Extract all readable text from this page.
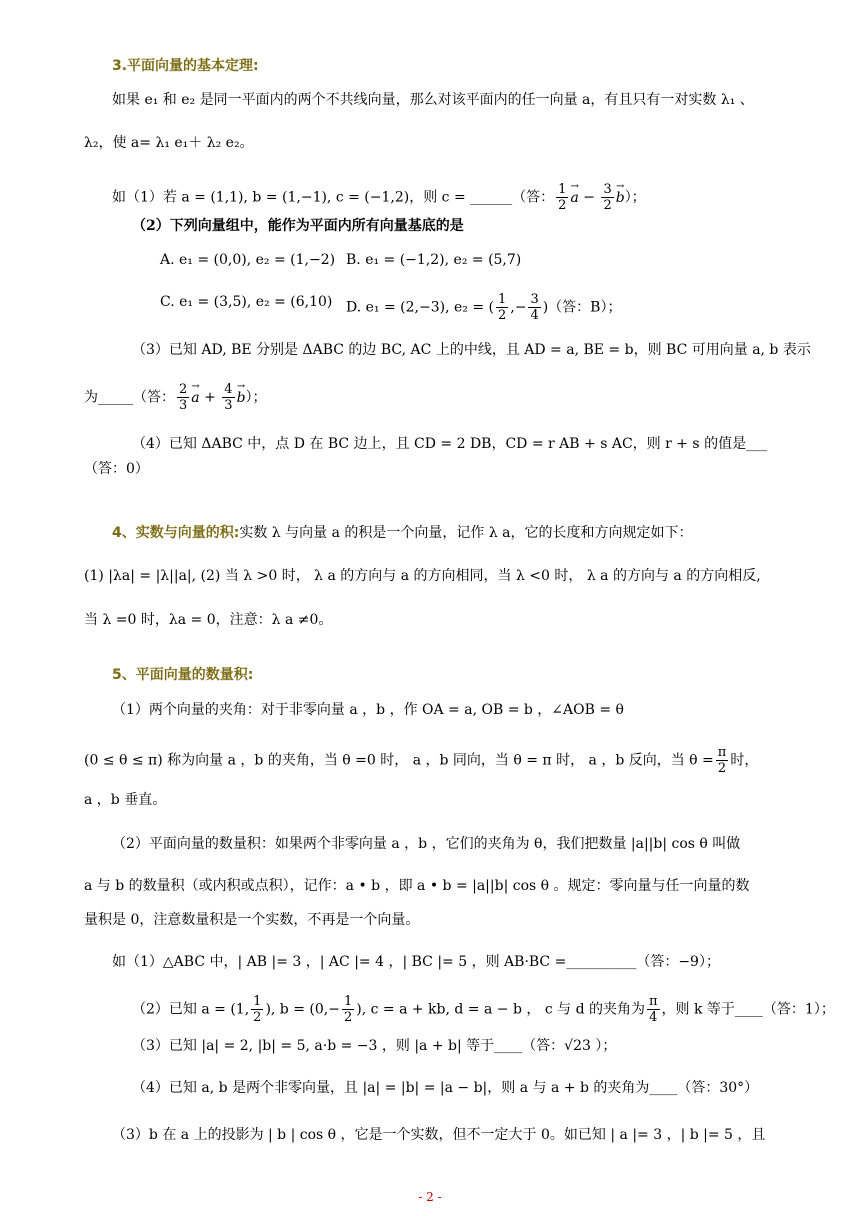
3.平面向量的基本定理:
如果 e₁ 和 e₂ 是同一平面内的两个不共线向量，那么对该平面内的任一向量 a，有且只有一对实数 λ₁ 、
λ₂，使 a= λ₁ e₁＋ λ₂ e₂。
如（1）若 a = (1,1), b = (1,−1), c = (−1,2)，则 c = ______（答： $\frac{1}{2}$
→ $a - \frac{3}{2}$
→ b）；
（2）下列向量组中，能作为平面内所有向量基底的是
A. e₁ = (0,0), e₂ = (1,−2) B. e₁ = (−1,2), e₂ = (5,7)
C. e₁ = (3,5), e₂ = (6,10) D. e₁ = (2,−3), e₂ = ( $\frac{1}{2}$ ,− $\frac{3}{4}$ )（答：B）；
（3）已知 AD, BE 分别是 ΔABC 的边 BC, AC 上的中线，且 AD = a, BE = b，则 BC 可用向量 a, b 表示
为_____（答： $\frac{2}{3}$
→ $a + \frac{4}{3}$
→ b）；
（4）已知 ΔABC 中，点 D 在 BC 边上，且 CD = 2 DB，CD = r AB + s AC，则 r + s 的值是___
（答：0）
4、实数与向量的积:实数 λ 与向量 a 的积是一个向量，记作 λ a，它的长度和方向规定如下：
(1) |λa| = |λ||a|, (2) 当 λ >0 时， λ a 的方向与 a 的方向相同，当 λ <0 时， λ a 的方向与 a 的方向相反,
当 λ =0 时，λa = 0，注意：λ a ≠0。
5、平面向量的数量积:
（1）两个向量的夹角：对于非零向量 a ，b ，作 OA = a, OB = b ，∠AOB = θ
(0 ≤ θ ≤ π) 称为向量 a ，b 的夹角，当 θ =0 时， a ，b 同向，当 θ = π 时， a ，b 反向，当 $\theta = \frac{\pi}{2}$ 时，
a ，b 垂直。
（2）平面向量的数量积：如果两个非零向量 a ，b ，它们的夹角为 θ，我们把数量 |a||b| cos θ 叫做
a 与 b 的数量积（或内积或点积），记作：a • b ，即 a • b = |a||b| cos θ 。规定：零向量与任一向量的数
量积是 0，注意数量积是一个实数，不再是一个向量。
如（1）△ABC 中，| AB |= 3 ，| AC |= 4 ，| BC |= 5 ，则 AB·BC =__________（答：−9）；
（2）已知 a = (1, $\frac{1}{2}$ ), $b = (0,- \frac{1}{2}$ ), c = a + kb, d = a − b ， c 与 d 的夹角为 $\frac{\pi}{4}$ ，则 k 等于____（答：1）；
（3）已知 |a| = 2, |b| = 5, a·b = −3 ，则 |a + b| 等于____（答：√23 ）；
（4）已知 a, b 是两个非零向量，且 |a| = |b| = |a − b|，则 a 与 a + b 的夹角为____（答：30°）
（3）b 在 a 上的投影为 | b | cos θ ，它是一个实数，但不一定大于 0。如已知 | a |= 3 ，| b |= 5 ，且
- 2 -
